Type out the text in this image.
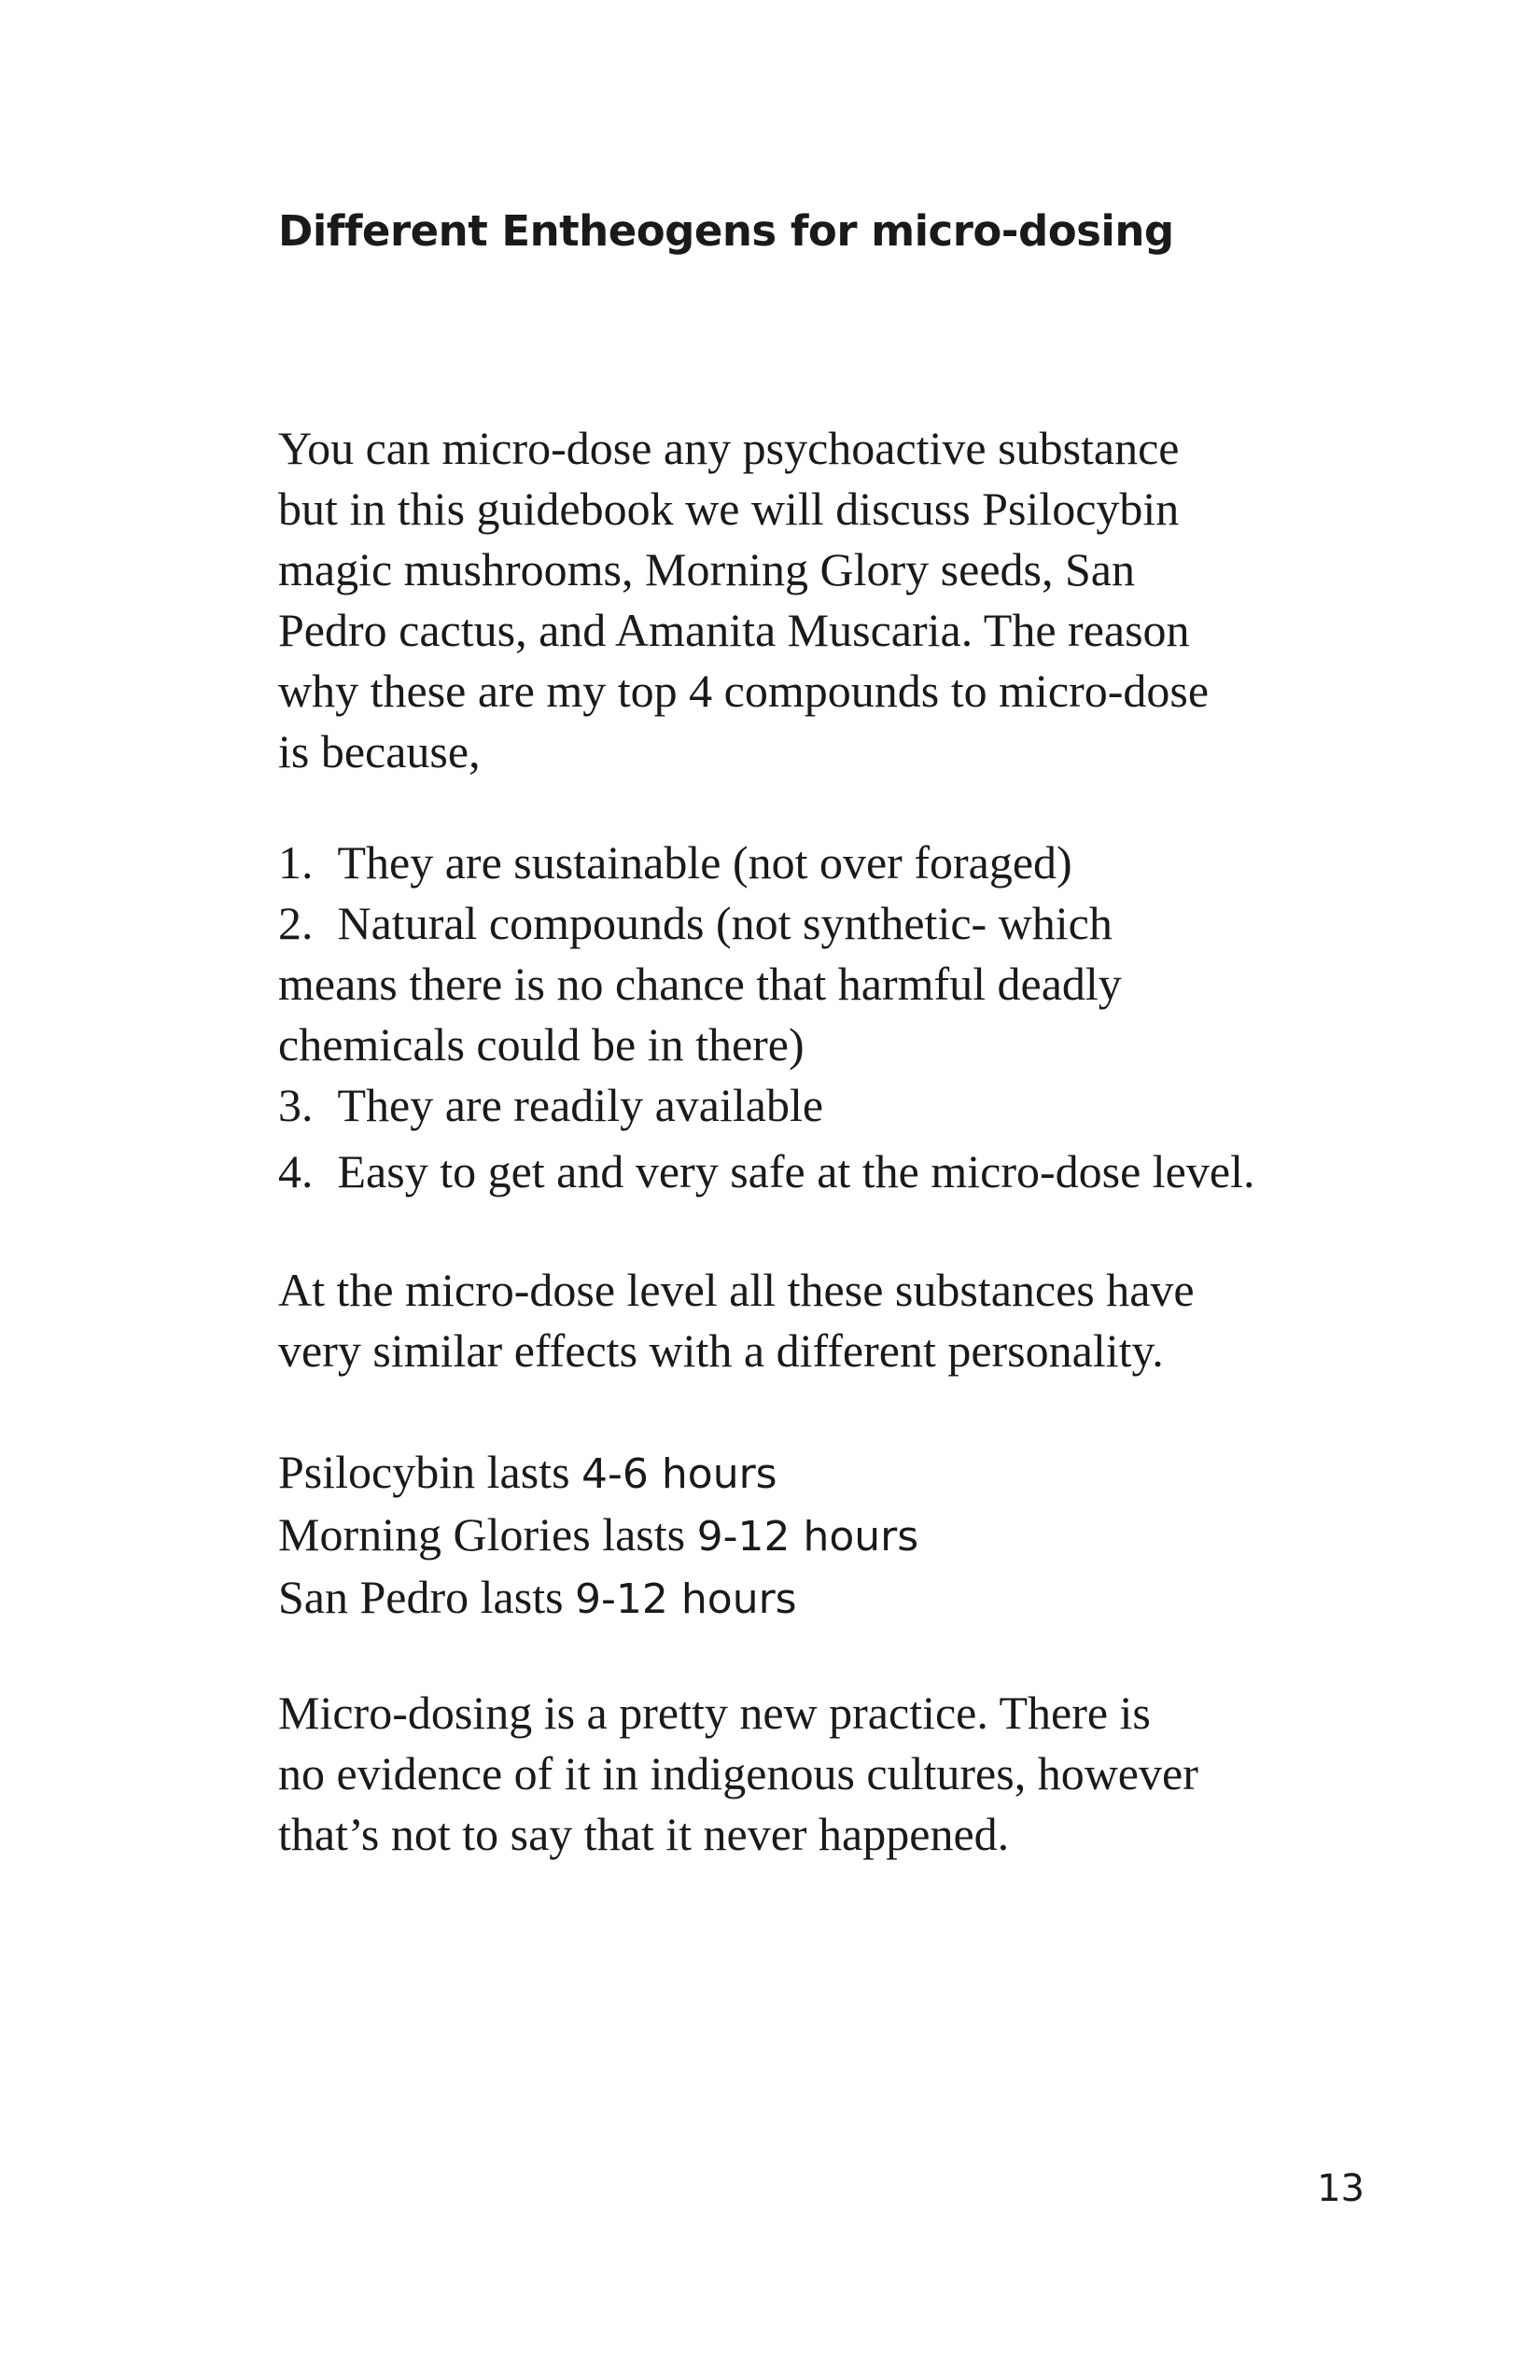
Different Entheogens for micro-dosing

You can micro-dose any psychoactive substance

but in this guidebook we will discuss Psilocybin

magic mushrooms, Morning Glory seeds, San

Pedro cactus, and Amanita Muscaria. The reason

why these are my top 4 compounds to micro-dose

is because,

1. They are sustainable (not over foraged)
2. Natural compounds (not synthetic- which
means there is no chance that harmful deadly
chemicals could be in there)
3. They are readily available
4. Easy to get and very safe at the micro-dose level.

At the micro-dose level all these substances have

very similar effects with a different personality.

Psilocybin lasts 4-6 hours

Morning Glories lasts 9-12 hours

San Pedro lasts 9-12 hours

Micro-dosing is a pretty new practice. There is

no evidence of it in indigenous cultures, however

that’s not to say that it never happened.

13
